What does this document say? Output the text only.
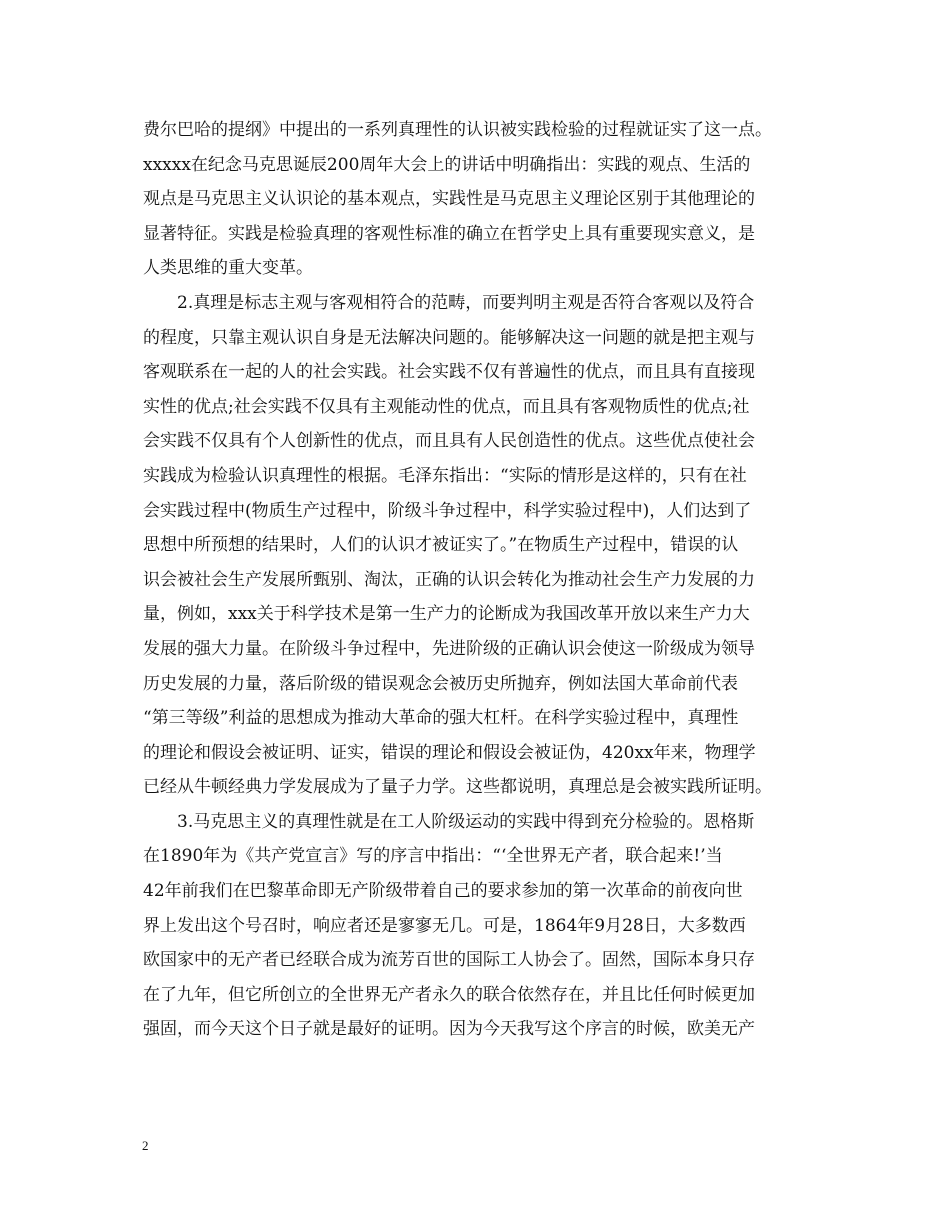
费尔巴哈的提纲》中提出的一系列真理性的认识被实践检验的过程就证实了这一点。
xxxxx在纪念马克思诞辰200周年大会上的讲话中明确指出：实践的观点、生活的
观点是马克思主义认识论的基本观点，实践性是马克思主义理论区别于其他理论的
显著特征。实践是检验真理的客观性标准的确立在哲学史上具有重要现实意义，是
人类思维的重大变革。
2.真理是标志主观与客观相符合的范畴，而要判明主观是否符合客观以及符合
的程度，只靠主观认识自身是无法解决问题的。能够解决这一问题的就是把主观与
客观联系在一起的人的社会实践。社会实践不仅有普遍性的优点，而且具有直接现
实性的优点;社会实践不仅具有主观能动性的优点，而且具有客观物质性的优点;社
会实践不仅具有个人创新性的优点，而且具有人民创造性的优点。这些优点使社会
实践成为检验认识真理性的根据。毛泽东指出：“实际的情形是这样的，只有在社
会实践过程中(物质生产过程中，阶级斗争过程中，科学实验过程中)，人们达到了
思想中所预想的结果时，人们的认识才被证实了。”在物质生产过程中，错误的认
识会被社会生产发展所甄别、淘汰，正确的认识会转化为推动社会生产力发展的力
量，例如，xxx关于科学技术是第一生产力的论断成为我国改革开放以来生产力大
发展的强大力量。在阶级斗争过程中，先进阶级的正确认识会使这一阶级成为领导
历史发展的力量，落后阶级的错误观念会被历史所抛弃，例如法国大革命前代表
“第三等级”利益的思想成为推动大革命的强大杠杆。在科学实验过程中，真理性
的理论和假设会被证明、证实，错误的理论和假设会被证伪，420xx年来，物理学
已经从牛顿经典力学发展成为了量子力学。这些都说明，真理总是会被实践所证明。
3.马克思主义的真理性就是在工人阶级运动的实践中得到充分检验的。恩格斯
在1890年为《共产党宣言》写的序言中指出：“‘全世界无产者，联合起来!’当
42年前我们在巴黎革命即无产阶级带着自己的要求参加的第一次革命的前夜向世
界上发出这个号召时，响应者还是寥寥无几。可是，1864年9月28日，大多数西
欧国家中的无产者已经联合成为流芳百世的国际工人协会了。固然，国际本身只存
在了九年，但它所创立的全世界无产者永久的联合依然存在，并且比任何时候更加
强固，而今天这个日子就是最好的证明。因为今天我写这个序言的时候，欧美无产
2
